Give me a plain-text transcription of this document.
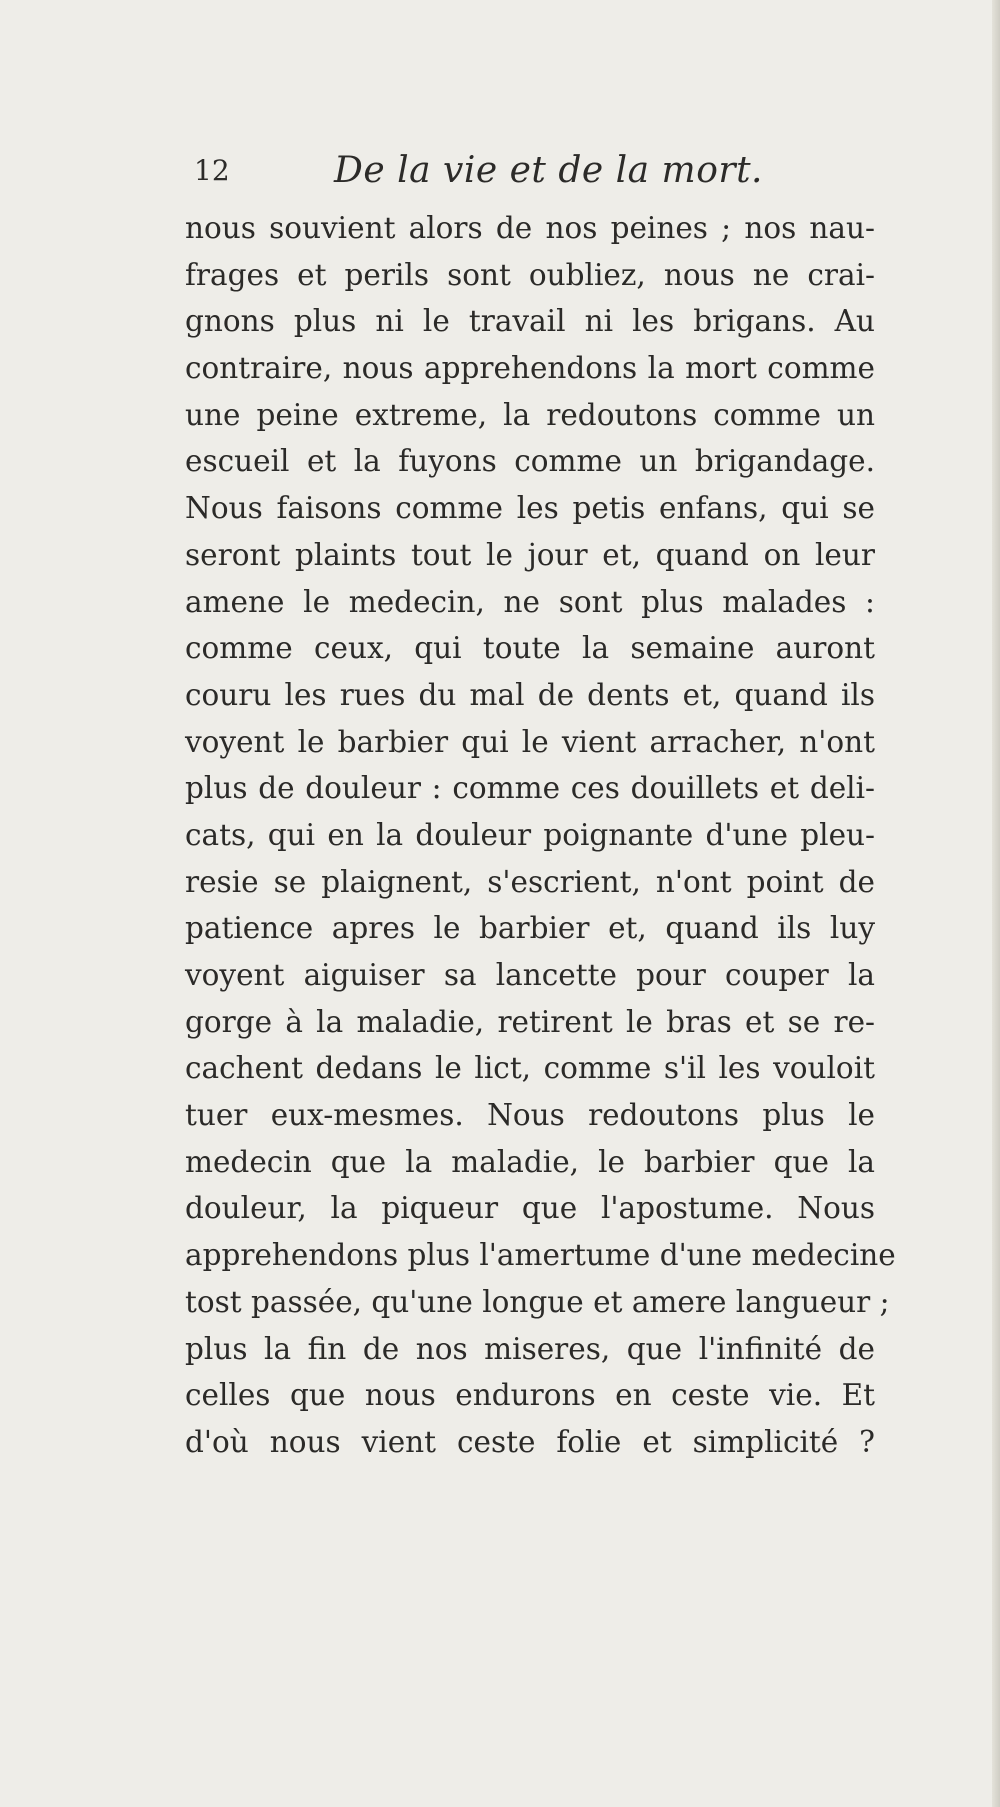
12	De la vie et de la mort.
nous souvient alors de nos peines ; nos nau-
frages et perils sont oubliez, nous ne crai-
gnons plus ni le travail ni les brigans. Au
contraire, nous apprehendons la mort comme
une peine extreme, la redoutons comme un
escueil et la fuyons comme un brigandage.
Nous faisons comme les petis enfans, qui se
seront plaints tout le jour et, quand on leur
amene le medecin, ne sont plus malades :
comme ceux, qui toute la semaine auront
couru les rues du mal de dents et, quand ils
voyent le barbier qui le vient arracher, n'ont
plus de douleur : comme ces douillets et deli-
cats, qui en la douleur poignante d'une pleu-
resie se plaignent, s'escrient, n'ont point de
patience apres le barbier et, quand ils luy
voyent aiguiser sa lancette pour couper la
gorge à la maladie, retirent le bras et se re-
cachent dedans le lict, comme s'il les vouloit
tuer eux-mesmes. Nous redoutons plus le
medecin que la maladie, le barbier que la
douleur, la piqueur que l'apostume. Nous
apprehendons plus l'amertume d'une medecine
tost passée, qu'une longue et amere langueur ;
plus la fin de nos miseres, que l'infinité de
celles que nous endurons en ceste vie. Et
d'où nous vient ceste folie et simplicité ?
